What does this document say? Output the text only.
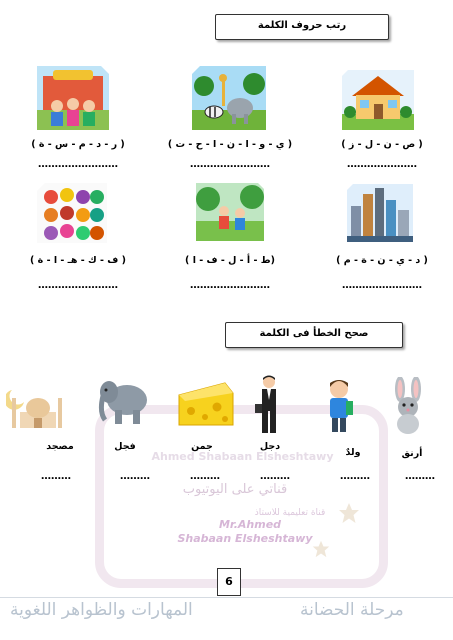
رتب حروف الكلمة
( ص - ن - ل - ز )
( ي - و - ا - ن - ا - ح - ت )
( ر - د - م - س - ة )
…………………
……………………
……………………
( د - ي - ن - ة - م )
(ط - أ - ل - ف - ا )
( ف - ك - هـ - ا - ة )
……………………
……………………
……………………
صحح الخطأ فى الكلمة
Ahmed Shabaan Elsheshtawy
قناتي على اليوتيوب
قناة تعليمية للاستاذ
Mr.Ahmed
Shabaan Elsheshtawy
أرنق
ولدٌ
دجل
جمن
فجل
مصجد
………
………
………
………
………
………
6
المهارات والظواهر اللغوية	مرحلة الحضانة
